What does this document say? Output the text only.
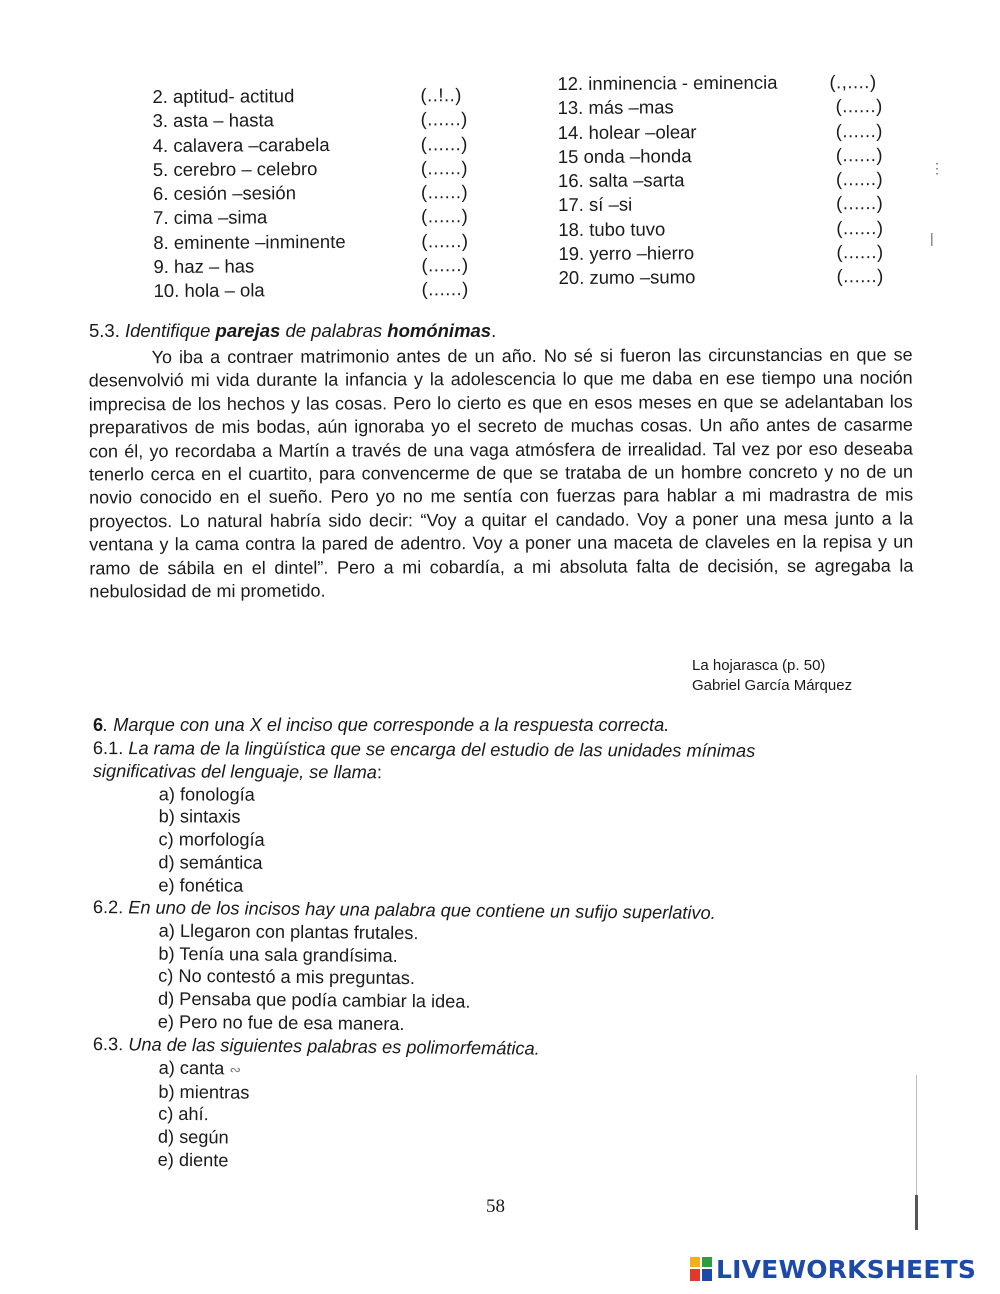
2. aptitud- actitud	(..!..)
3. asta – hasta	(......)
4. calavera –carabela	(......)
5. cerebro – celebro	(......)
6. cesión –sesión	(......)
7. cima –sima	(......)
8. eminente –inminente	(......)
9. haz – has	(......)
10. hola – ola	(......)
12. inminencia - eminencia	(.,....)
13. más –mas	(......)
14. holear –olear	(......)
15 onda –honda	(......)
16. salta –sarta	(......)
17. sí –si	(......)
18. tubo tuvo	(......)
19. yerro –hierro	(......)
20. zumo –sumo	(......)
5.3. Identifique parejas de palabras homónimas.

Yo iba a contraer matrimonio antes de un año. No sé si fueron las circunstancias en que se desenvolvió mi vida durante la infancia y la adolescencia lo que me daba en ese tiempo una noción imprecisa de los hechos y las cosas. Pero lo cierto es que en esos meses en que se adelantaban los preparativos de mis bodas, aún ignoraba yo el secreto de muchas cosas. Un año antes de casarme con él, yo recordaba a Martín a través de una vaga atmósfera de irrealidad. Tal vez por eso deseaba tenerlo cerca en el cuartito, para convencerme de que se trataba de un hombre concreto y no de un novio conocido en el sueño. Pero yo no me sentía con fuerzas para hablar a mi madrastra de mis proyectos. Lo natural habría sido decir: “Voy a quitar el candado. Voy a poner una mesa junto a la ventana y la cama contra la pared de adentro. Voy a poner una maceta de claveles en la repisa y un ramo de sábila en el dintel”. Pero a mi cobardía, a mi absoluta falta de decisión, se agregaba la nebulosidad de mi prometido.

La hojarasca (p. 50)
Gabriel García Márquez
6. Marque con una X el inciso que corresponde a la respuesta correcta.
6.1. La rama de la lingüística que se encarga del estudio de las unidades mínimas
significativas del lenguaje, se llama:
a) fonología
b) sintaxis
c) morfología
d) semántica
e) fonética
6.2. En uno de los incisos hay una palabra que contiene un sufijo superlativo.
a) Llegaron con plantas frutales.
b) Tenía una sala grandísima.
c) No contestó a mis preguntas.
d) Pensaba que podía cambiar la idea.
e) Pero no fue de esa manera.
6.3. Una de las siguientes palabras es polimorfemática.
a) canta ∾
b) mientras
c) ahí.
d) según
e) diente
58
⋮
|
LIVEWORKSHEETS
